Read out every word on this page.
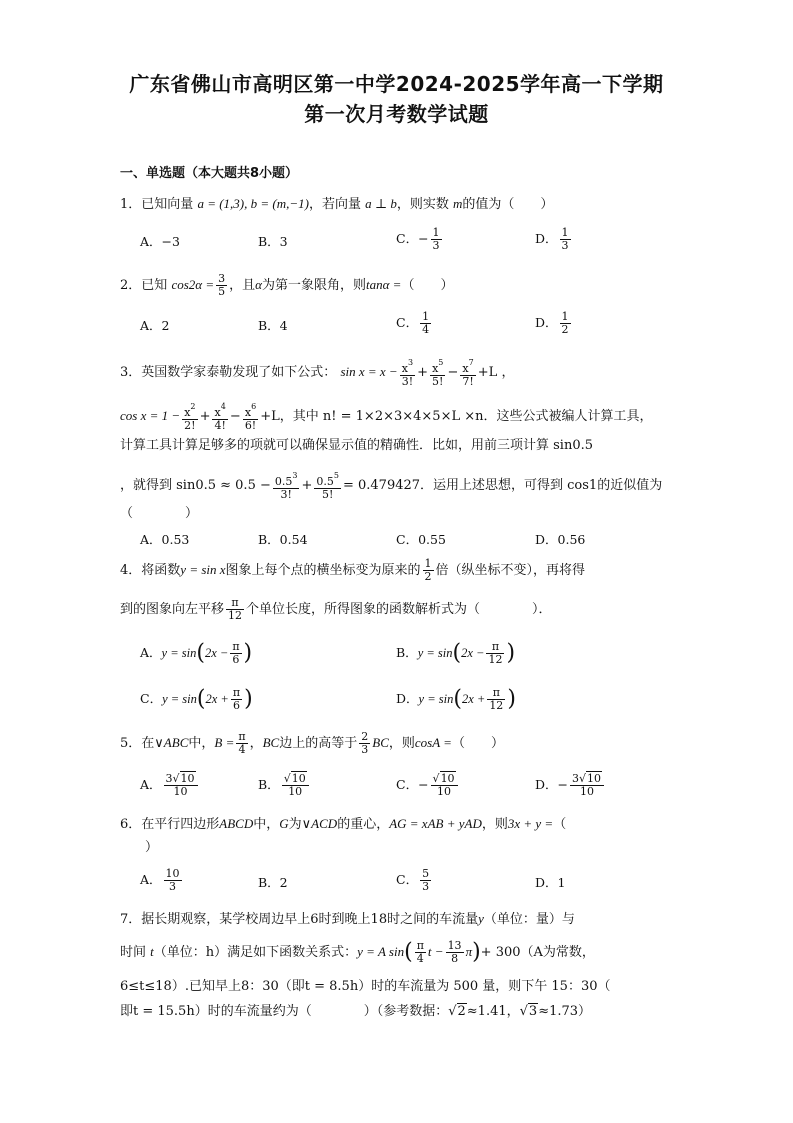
广东省佛山市高明区第一中学2024-2025学年高一下学期
第一次月考数学试题
一、单选题（本大题共8小题）
1．已知向量 a = (1,3), b = (m,−1)，若向量 a ⊥ b，则实数 m的值为（　　）
A．−3	B．3	C．− $\frac{1}{3}$	D． $\frac{1}{3}$
2．已知 $\cos 2\alpha = \frac{3}{5}$ ，且α为第一象限角，则tanα =（　　）
A．2	B．4	C． $\frac{1}{4}$	D． $\frac{1}{2}$
3．英国数学家泰勒发现了如下公式： $\sin x = x - \frac{x^3}{3!} + \frac{x^5}{5!} - \frac{x^7}{7!} +L$ ，
$\cos x = 1 - \frac{x^2}{2!} + \frac{x^4}{4!} - \frac{x^6}{6!} +L$，其中 n! = 1×2×3×4×5×L ×n．这些公式被编人计算工具，
计算工具计算足够多的项就可以确保显示值的精确性．比如，用前三项计算 sin0.5
，就得到 $\sin 0.5 \approx 0.5 - \frac{0.5^3}{3!} + \frac{0.5^5}{5!} = 0.479427$．运用上述思想，可得到 cos1的近似值为
（　　　　）
A．0.53	B．0.54	C．0.55	D．0.56
4．将函数y = sin x图象上每个点的横坐标变为原来的 $\frac{1}{2}$ 倍（纵坐标不变），再将得
到的图象向左平移 $\frac{\pi}{12}$ 个单位长度，所得图象的函数解析式为（　　　　）．
A．$y = \sin(2x - \frac{\pi}{6}$ )	B．$y = \sin(2x - \frac{\pi}{12}$ )
C．$y = \sin(2x + \frac{\pi}{6}$ )	D．$y = \sin(2x + \frac{\pi}{12}$ )
5．在∨ABC中，$B = \frac{\pi}{4}$ ，BC边上的高等于 $\frac{2}{3}$ BC，则cosA =（　　）
A． $\frac{3√10}{10}$	B． $\frac{√10}{10}$	C．− $\frac{√10}{10}$	D．− $\frac{3√10}{10}$
6．在平行四边形ABCD中，G为∨ACD的重心，AG = xAB + yAD，则3x + y =（
）
A． $\frac{10}{3}$	B．2	C． $\frac{5}{3}$	D．1
7．据长期观察，某学校周边早上6时到晚上18时之间的车流量y（单位：量）与
时间 t（单位：h）满足如下函数关系式：y = A $\sin( \frac{\pi}{4}$ $t - \frac{13}{8} \pi)+ 300(A$为常数，
6≤t≤18）.已知早上8：30（即t = 8.5h）时的车流量为 500 量，则下午 15：30（
即t = 15.5h）时的车流量约为（　　　　）（参考数据：√2≈1.41，√3≈1.73）
